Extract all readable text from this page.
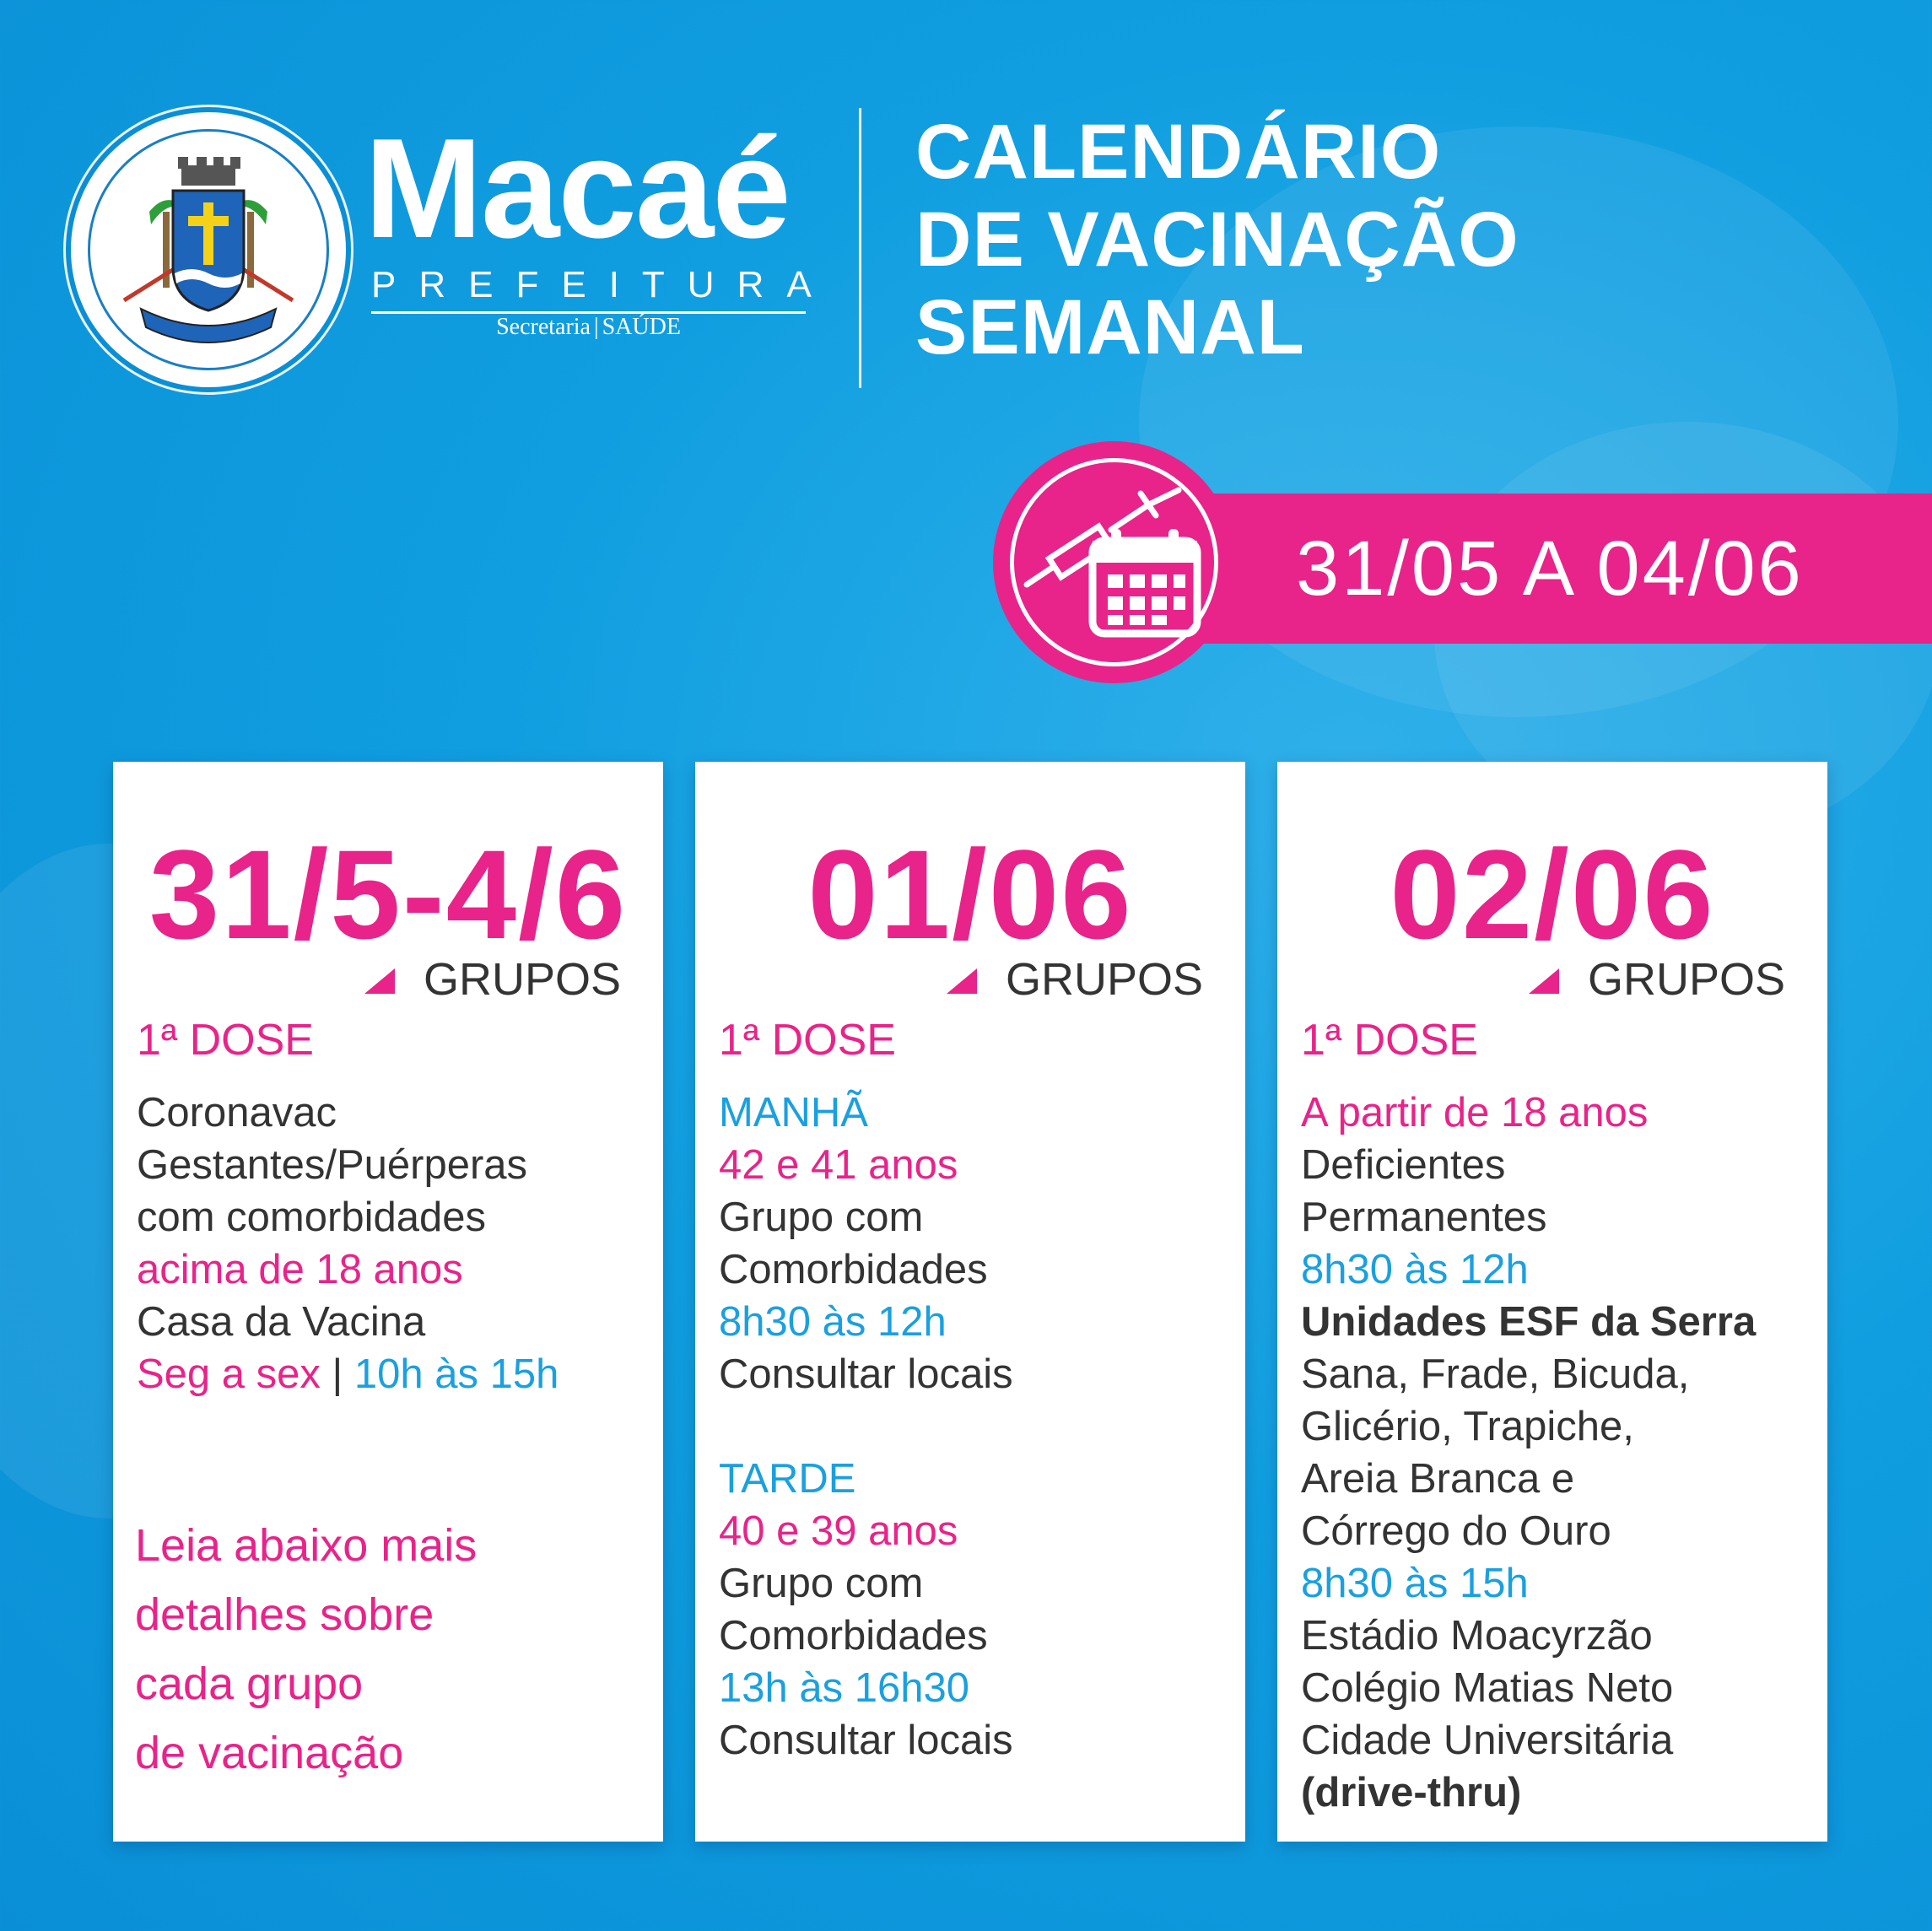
MACAÉ
Macaé
PREFEITURA
Secretaria | SAÚDE
CALENDÁRIO
DE VACINAÇÃO
SEMANAL
31/05 A 04/06
31/5-4/6
GRUPOS
1ª DOSE
Coronavac
Gestantes/Puérperas
com comorbidades
acima de 18 anos
Casa da Vacina
Seg a sex | 10h às 15h
Leia abaixo mais
detalhes sobre
cada grupo
de vacinação
01/06
GRUPOS
1ª DOSE
MANHÃ
42 e 41 anos
Grupo com
Comorbidades
8h30 às 12h
Consultar locais
TARDE
40 e 39 anos
Grupo com
Comorbidades
13h às 16h30
Consultar locais
02/06
GRUPOS
1ª DOSE
A partir de 18 anos
Deficientes
Permanentes
8h30 às 12h
Unidades ESF da Serra
Sana, Frade, Bicuda,
Glicério, Trapiche,
Areia Branca e
Córrego do Ouro
8h30 às 15h
Estádio Moacyrzão
Colégio Matias Neto
Cidade Universitária
(drive-thru)
